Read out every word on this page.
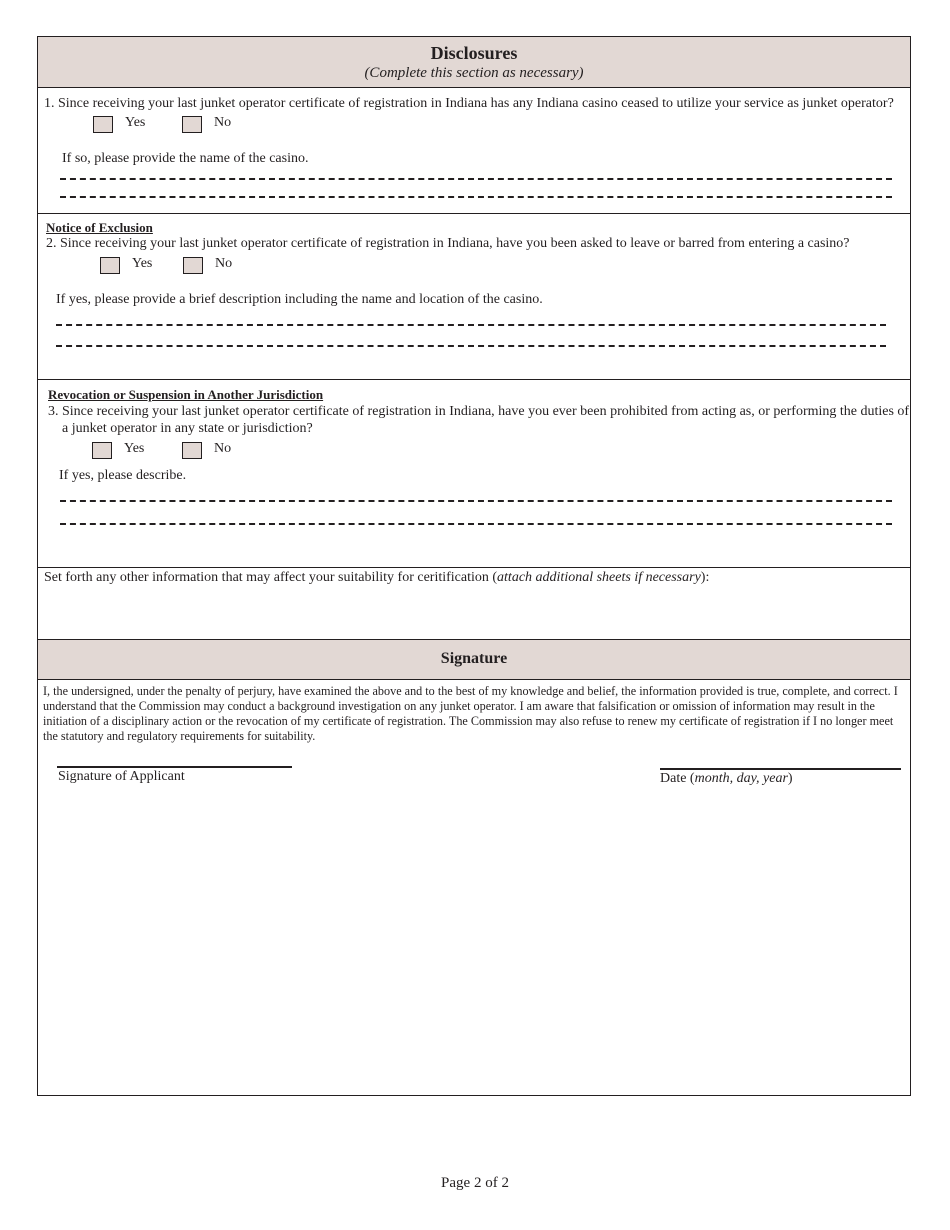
Disclosures
(Complete this section as necessary)
1. Since receiving your last junket operator certificate of registration in Indiana has any Indiana casino ceased to utilize your service as junket operator?
Yes	No
If so, please provide the name of the casino.
Notice of Exclusion
2. Since receiving your last junket operator certificate of registration in Indiana, have you been asked to leave or barred from entering a casino?
Yes	No
If yes, please provide a brief description including the name and location of the casino.
Revocation or Suspension in Another Jurisdiction
3. Since receiving your last junket operator certificate of registration in Indiana, have you ever been prohibited from acting as, or performing the duties of
a junket operator in any state or jurisdiction?
Yes	No
If yes, please describe.
Set forth any other information that may affect your suitability for ceritification (attach additional sheets if necessary):
Signature
I, the undersigned, under the penalty of perjury, have examined the above and to the best of my knowledge and belief, the information provided is true, complete, and correct. I understand that the Commission may conduct a background investigation on any junket operator. I am aware that falsification or omission of information may result in the initiation of a disciplinary action or the revocation of my certificate of registration. The Commission may also refuse to renew my certificate of registration if I no longer meet the statutory and regulatory requirements for suitability.
Signature of Applicant	Date (month, day, year)
Page 2 of 2
